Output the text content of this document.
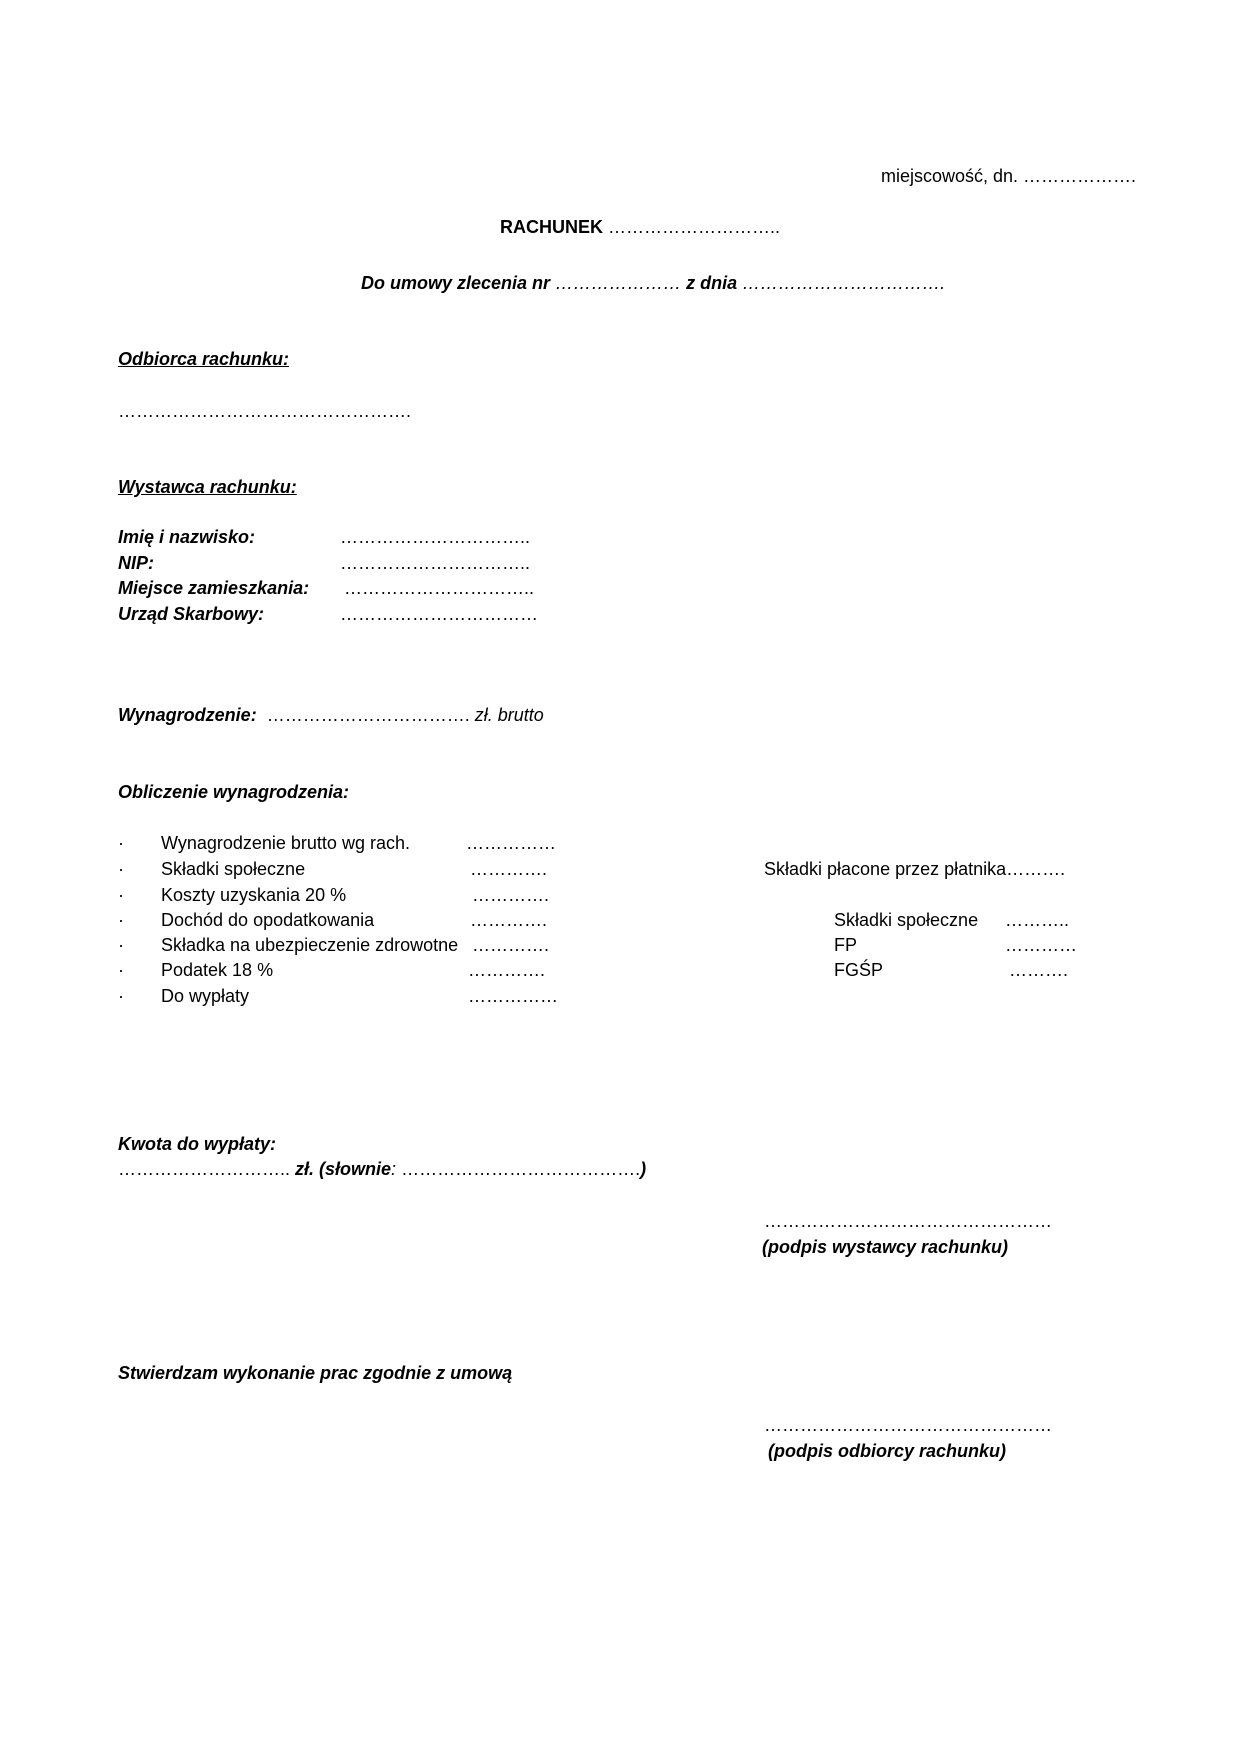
miejscowość, dn. ……………….
RACHUNEK ………………………..
Do umowy zlecenia nr ………………… z dnia …………………………….
Odbiorca rachunku:
………………………………………….
Wystawca rachunku:
Imię i nazwisko:	…………………………..
NIP:	…………………………..
Miejsce zamieszkania: …………………………..
Urząd Skarbowy:	……………………………
Wynagrodzenie: ……………………………. zł. brutto
Obliczenie wynagrodzenia:
· Wynagrodzenie brutto wg rach.	……………
· Składki społeczne	………….
· Koszty uzyskania 20 %	………….
· Dochód do opodatkowania	………….
· Składka na ubezpieczenie zdrowotne ………….
· Podatek 18 %	………….
· Do wypłaty	……………
Składki płacone przez płatnika……….
Składki społeczne ………..
FP	…………
FGŚP	……….
Kwota do wypłaty:
……………………….. zł. (słownie: ………………………………….)
…………………………………………
(podpis wystawcy rachunku)
Stwierdzam wykonanie prac zgodnie z umową
…………………………………………
(podpis odbiorcy rachunku)
